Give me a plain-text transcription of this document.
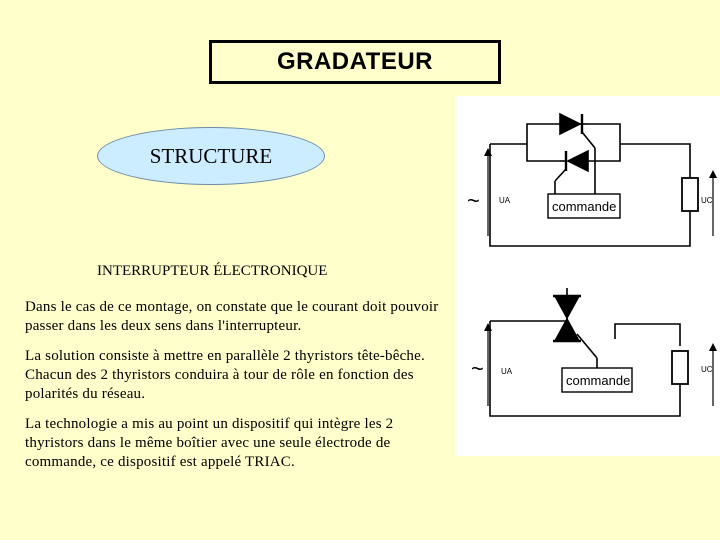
GRADATEUR
STRUCTURE
INTERRUPTEUR ÉLECTRONIQUE

Dans le cas de ce montage, on constate que le courant doit pouvoir passer dans les deux sens dans l'interrupteur.

La solution consiste à mettre en parallèle 2 thyristors tête-bêche. Chacun des 2 thyristors conduira à tour de rôle en fonction des polarités du réseau.

La technologie a mis au point un dispositif qui intègre les 2 thyristors dans le même boîtier avec une seule électrode de commande, ce dispositif est appelé TRIAC.

~ UA	commande	UC
~ UA
commande
UC
